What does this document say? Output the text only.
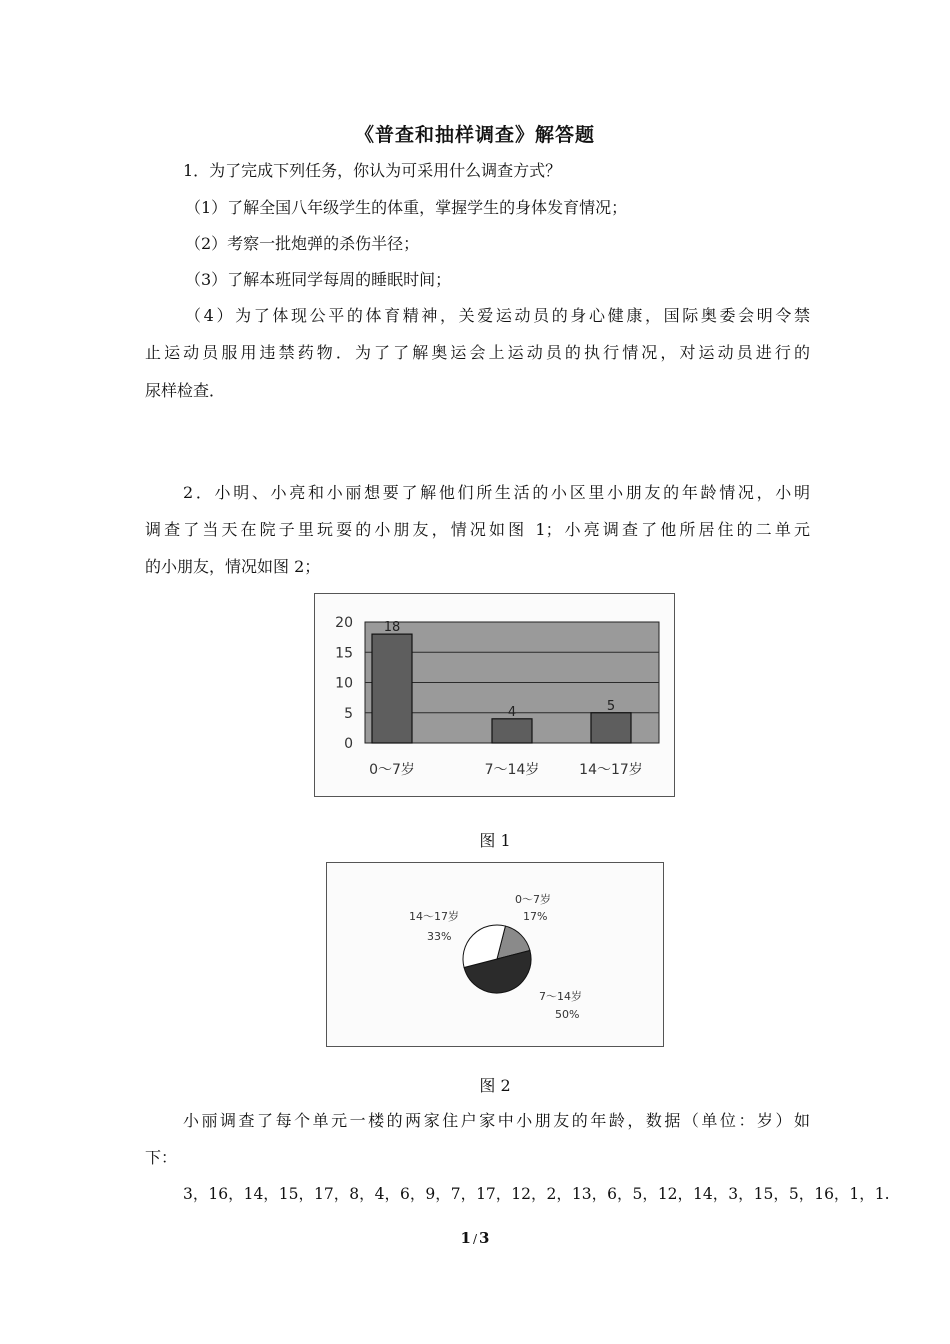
《普查和抽样调查》解答题
1．为了完成下列任务，你认为可采用什么调查方式？
（1）了解全国八年级学生的体重，掌握学生的身体发育情况；
（2）考察一批炮弹的杀伤半径；
（3）了解本班同学每周的睡眠时间；
（4）为了体现公平的体育精神，关爱运动员的身心健康，国际奥委会明令禁
止运动员服用违禁药物．为了了解奥运会上运动员的执行情况，对运动员进行的
尿样检查．
2．小明、小亮和小丽想要了解他们所生活的小区里小朋友的年龄情况，小明
调查了当天在院子里玩耍的小朋友，情况如图 1；小亮调查了他所居住的二单元
的小朋友，情况如图 2；
0
5
10
15
20
0～7岁	7～14岁	14～17岁
18
4	5
图 1
0～7岁
17%
14～17岁
33%
7～14岁
50%
图 2
小丽调查了每个单元一楼的两家住户家中小朋友的年龄，数据（单位：岁）如
下：
3，16，14，15，17，8，4，6，9，7，17，12，2，13，6，5，12，14，3，15，5，16，1，1.
1 / 3
